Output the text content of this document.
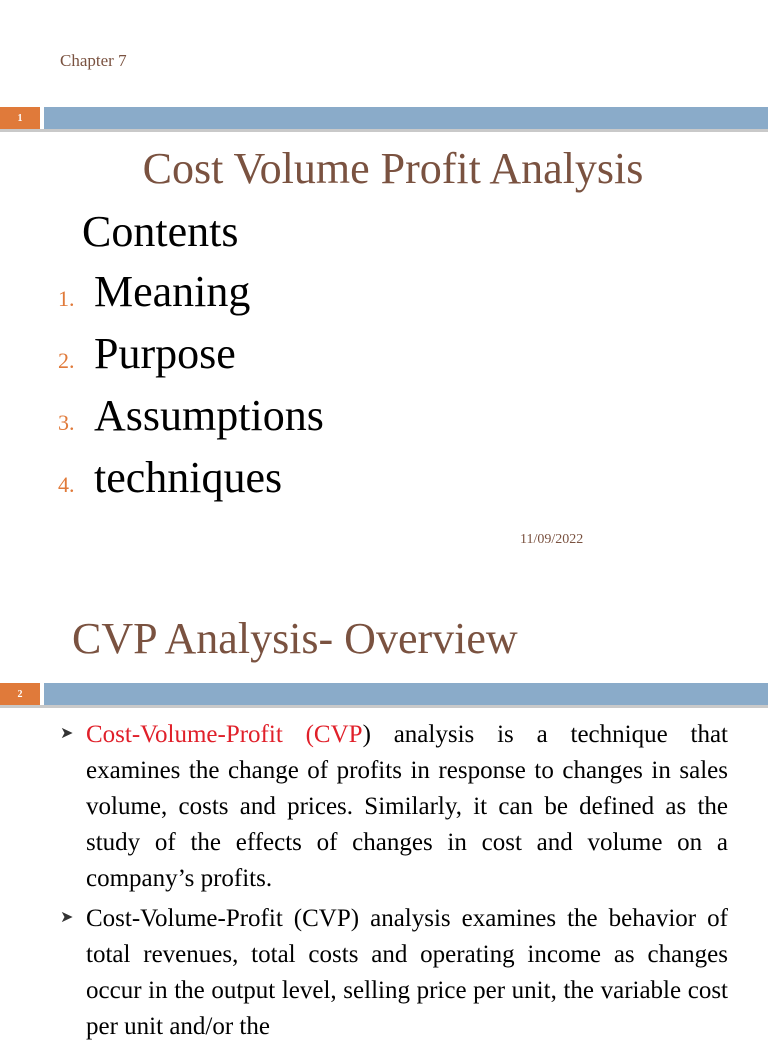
Chapter 7
1
Cost Volume Profit Analysis
Contents
1. Meaning
2. Purpose
3. Assumptions
4. techniques
11/09/2022
CVP Analysis- Overview
2
➤ Cost-Volume-Profit (CVP) analysis is a technique that examines the change of profits in response to changes in sales volume, costs and prices. Similarly, it can be defined as the study of the effects of changes in cost and volume on a company’s profits.
➤ Cost-Volume-Profit (CVP) analysis examines the behavior of total revenues, total costs and operating income as changes occur in the output level, selling price per unit, the variable cost per unit and/or the
